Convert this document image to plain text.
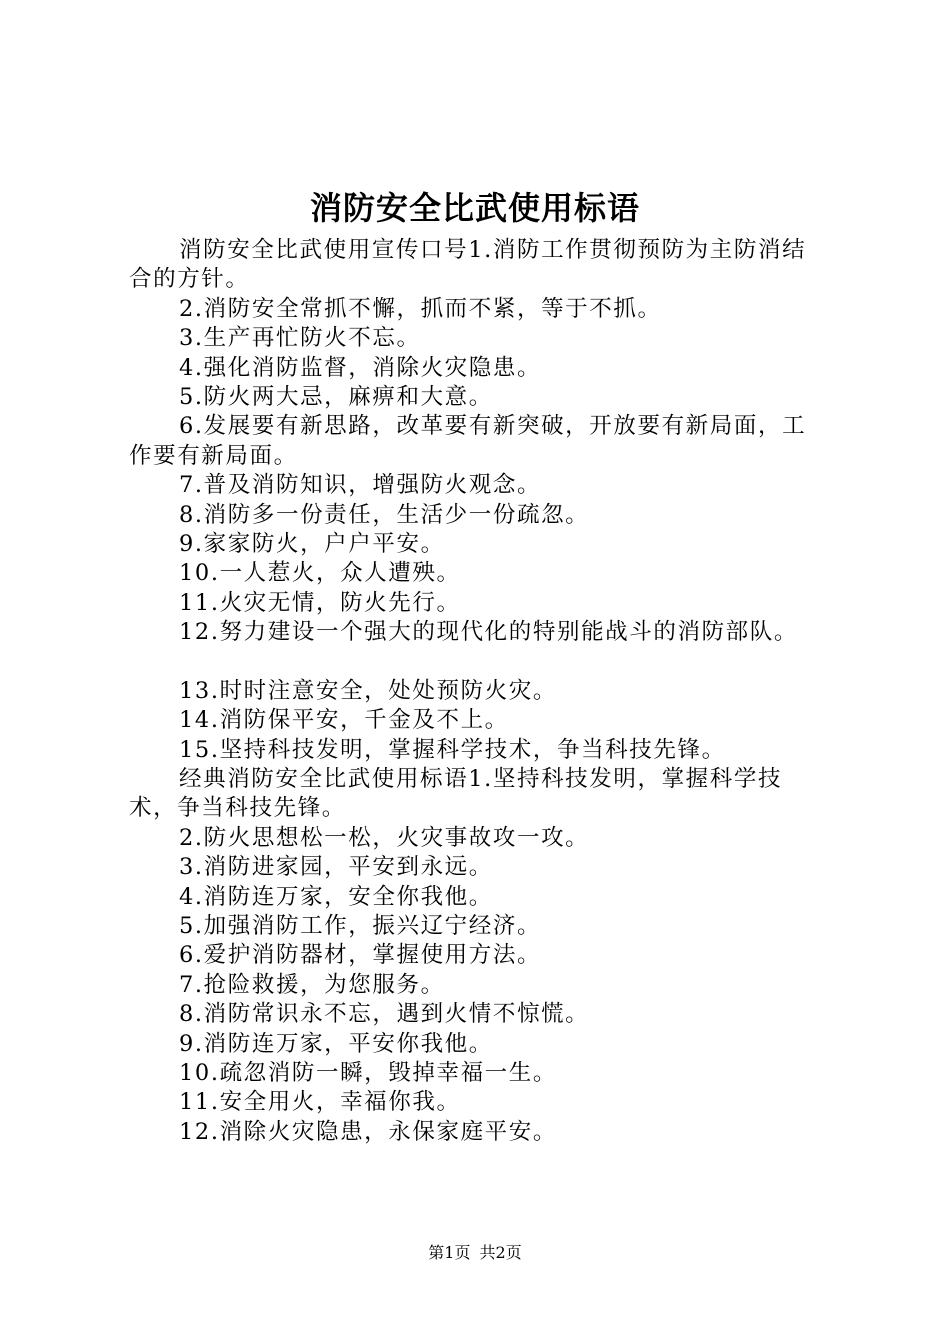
消防安全比武使用标语

消防安全比武使用宣传口号1.消防工作贯彻预防为主防消结合的方针。

2.消防安全常抓不懈，抓而不紧，等于不抓。

3.生产再忙防火不忘。

4.强化消防监督，消除火灾隐患。

5.防火两大忌，麻痹和大意。

6.发展要有新思路，改革要有新突破，开放要有新局面，工作要有新局面。

7.普及消防知识，增强防火观念。

8.消防多一份责任，生活少一份疏忽。

9.家家防火，户户平安。

10.一人惹火，众人遭殃。

11.火灾无情，防火先行。

12.努力建设一个强大的现代化的特别能战斗的消防部队。

13.时时注意安全，处处预防火灾。

14.消防保平安，千金及不上。

15.坚持科技发明，掌握科学技术，争当科技先锋。

经典消防安全比武使用标语1.坚持科技发明，掌握科学技术，争当科技先锋。

2.防火思想松一松，火灾事故攻一攻。

3.消防进家园，平安到永远。

4.消防连万家，安全你我他。

5.加强消防工作，振兴辽宁经济。

6.爱护消防器材，掌握使用方法。

7.抢险救援，为您服务。

8.消防常识永不忘，遇到火情不惊慌。

9.消防连万家，平安你我他。

10.疏忽消防一瞬，毁掉幸福一生。

11.安全用火，幸福你我。

12.消除火灾隐患，永保家庭平安。

第1页 共2页
